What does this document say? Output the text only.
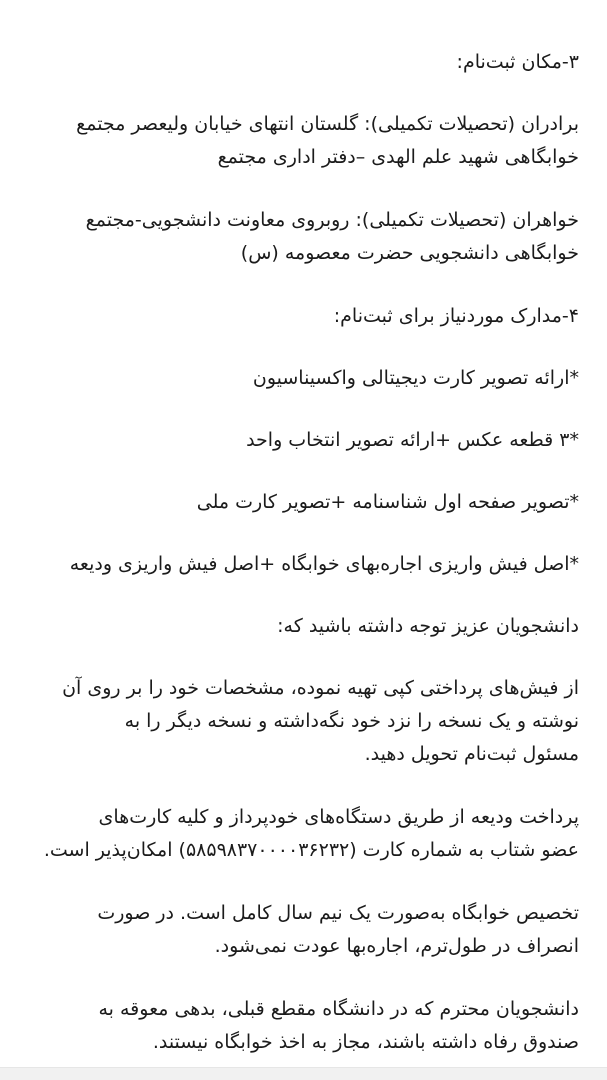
۳-مکان ثبت‌نام:

برادران (تحصیلات تکمیلی): گلستان انتهای خیابان ولیعصر مجتمع
خوابگاهی شهید علم الهدی –دفتر اداری مجتمع

خواهران (تحصیلات تکمیلی): روبروی معاونت دانشجویی-مجتمع
خوابگاهی دانشجویی حضرت معصومه (س)

۴-مدارک موردنیاز برای ثبت‌نام:

*ارائه تصویر کارت دیجیتالی واکسیناسیون

*۳ قطعه عکس +ارائه تصویر انتخاب واحد

*تصویر صفحه اول شناسنامه +تصویر کارت ملی

*اصل فیش واریزی اجاره‌بهای خوابگاه +اصل فیش واریزی ودیعه

دانشجویان عزیز توجه داشته باشید که:

از فیش‌های پرداختی کپی تهیه نموده، مشخصات خود را بر روی آن
نوشته و یک نسخه را نزد خود نگه‌داشته و نسخه دیگر را به
مسئول ثبت‌نام تحویل دهید.

پرداخت ودیعه از طریق دستگاه‌های خودپرداز و کلیه کارت‌های
عضو شتاب به شماره کارت (۵۸۵۹۸۳۷۰۰۰۰۳۶۲۳۲) امکان‌پذیر است.

تخصیص خوابگاه به‌صورت یک نیم سال کامل است. در صورت
انصراف در طول‌ترم، اجاره‌بها عودت نمی‌شود.

دانشجویان محترم که در دانشگاه مقطع قبلی، بدهی معوقه به
صندوق رفاه داشته باشند، مجاز به اخذ خوابگاه نیستند.
